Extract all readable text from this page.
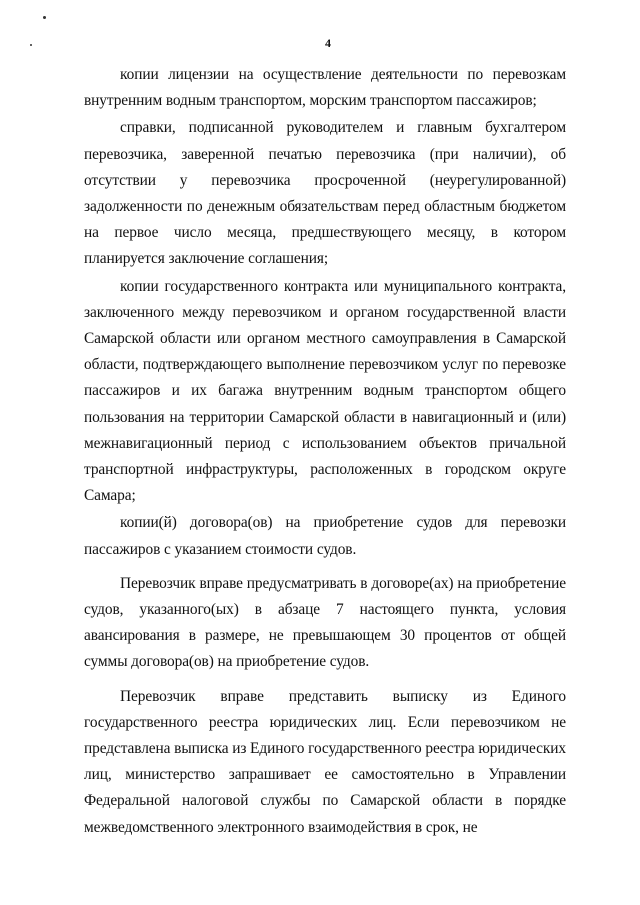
4

копии лицензии на осуществление деятельности по перевозкам внутренним водным транспортом, морским транспортом пассажиров;

справки, подписанной руководителем и главным бухгалтером перевозчика, заверенной печатью перевозчика (при наличии), об отсутствии у перевозчика просроченной (неурегулированной) задолженности по денежным обязательствам перед областным бюджетом на первое число месяца, предшествующего месяцу, в котором планируется заключение соглашения;

копии государственного контракта или муниципального контракта, заключенного между перевозчиком и органом государственной власти Самарской области или органом местного самоуправления в Самарской области, подтверждающего выполнение перевозчиком услуг по перевозке пассажиров и их багажа внутренним водным транспортом общего пользования на территории Самарской области в навигационный и (или) межнавигационный период с использованием объектов причальной транспортной инфраструктуры, расположенных в городском округе Самара;

копии(й) договора(ов) на приобретение судов для перевозки пассажиров с указанием стоимости судов.

Перевозчик вправе предусматривать в договоре(ах) на приобретение судов, указанного(ых) в абзаце 7 настоящего пункта, условия авансирования в размере, не превышающем 30 процентов от общей суммы договора(ов) на приобретение судов.

Перевозчик вправе представить выписку из Единого государственного реестра юридических лиц. Если перевозчиком не представлена выписка из Единого государственного реестра юридических лиц, министерство запрашивает ее самостоятельно в Управлении Федеральной налоговой службы по Самарской области в порядке межведомственного электронного взаимодействия в срок, не
